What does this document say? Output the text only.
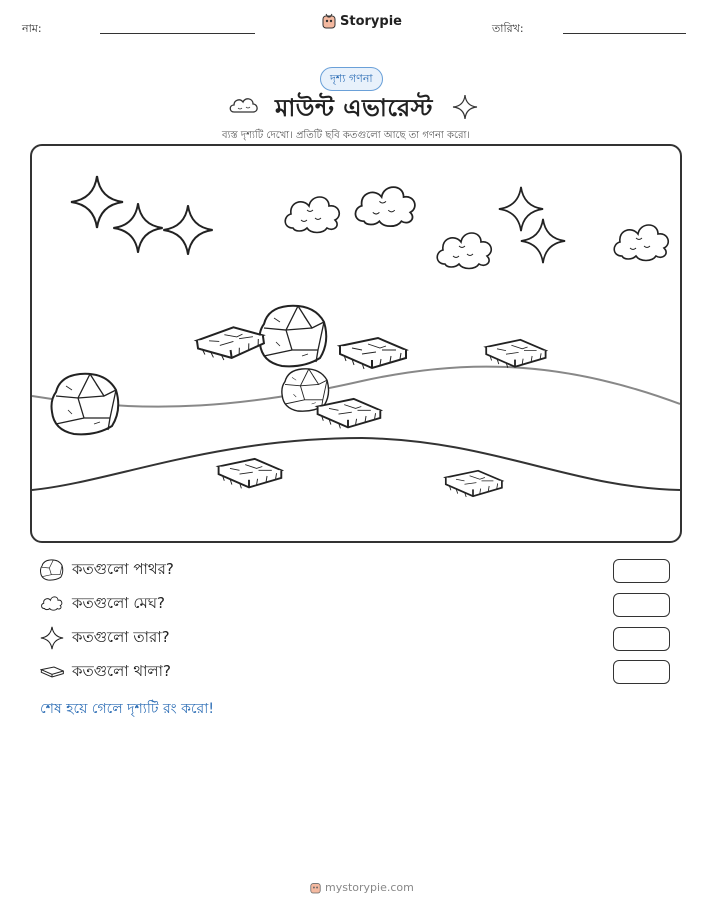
নাম:	Storypie	তারিখ:
দৃশ্য গণনা
মাউন্ট এভারেস্ট
ব্যস্ত দৃশ্যটি দেখো। প্রতিটি ছবি কতগুলো আছে তা গণনা করো।
কতগুলো পাথর?
কতগুলো মেঘ?
কতগুলো তারা?
কতগুলো থালা?
শেষ হয়ে গেলে দৃশ্যটি রং করো!
mystorypie.com
